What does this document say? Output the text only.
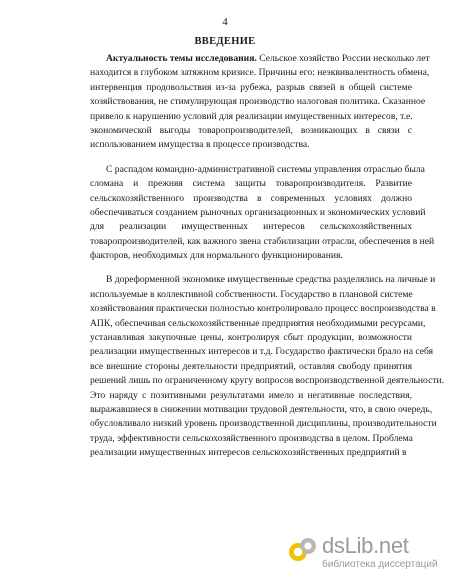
4
ВВЕДЕНИЕ
Актуальность темы исследования. Сельское хозяйство России несколько лет
находится в глубоком затяжном кризисе. Причины его: неэквивалентность обмена,
интервенция продовольствия из-за рубежа, разрыв связей в общей системе
хозяйствования, не стимулирующая производство налоговая политика. Сказанное
привело к нарушению условий для реализации имущественных интересов, т.е.
экономической выгоды товаропроизводителей, возникающих в связи с
использованием имущества в процессе производства.
С распадом командно-административной системы управления отраслью была
сломана и прежняя система защиты товаропроизводителя. Развитие
сельскохозяйственного производства в современных условиях должно
обеспечиваться созданием рыночных организационных и экономических условий
для реализации имущественных интересов сельскохозяйственных
товаропроизводителей, как важного звена стабилизации отрасли, обеспечения в ней
факторов, необходимых для нормального функционирования.
В дореформенной экономике имущественные средства разделялись на личные и
используемые в коллективной собственности. Государство в плановой системе
хозяйствования практически полностью контролировало процесс воспроизводства в
АПК, обеспечивая сельскохозяйственные предприятия необходимыми ресурсами,
устанавливая закупочные цены, контролируя сбыт продукции, возможности
реализации имущественных интересов и т.д. Государство фактически брало на себя
все внешние стороны деятельности предприятий, оставляя свободу принятия
решений лишь по ограниченному кругу вопросов воспроизводственной деятельности.
Это наряду с позитивными результатами имело и негативные последствия,
выражавшиеся в снижении мотивации трудовой деятельности, что, в свою очередь,
обусловливало низкий уровень производственной дисциплины, производительности
труда, эффективности сельскохозяйственного производства в целом. Проблема
реализации имущественных интересов сельскохозяйственных предприятий в
dsLib.net
библиотека диссертаций
